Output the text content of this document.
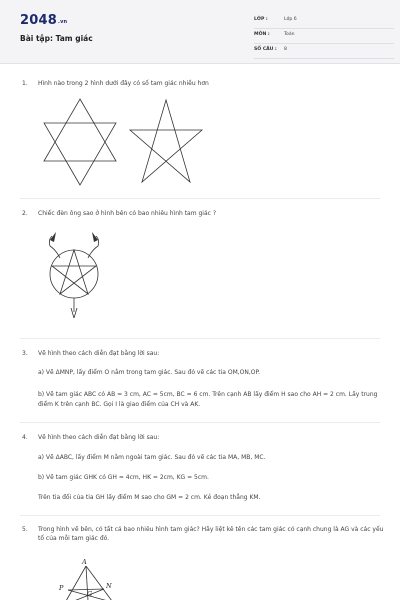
2048.vn
Bài tập: Tam giác
LỚP :	Lớp 6
MÔN :	Toán
SỐ CÂU : 8
1.	Hình nào trong 2 hình dưới đây có số tam giác nhiều hơn
2.	Chiếc đèn ông sao ở hình bên có bao nhiêu hình tam giác ?
3.	Vẽ hình theo cách diễn đạt bằng lời sau:
a) Vẽ ΔMNP, lấy điểm O nằm trong tam giác. Sau đó vẽ các tia OM,ON,OP.
b) Vẽ tam giác ABC có AB = 3 cm, AC = 5cm, BC = 6 cm. Trên cạnh AB lấy điểm H sao cho AH = 2 cm. Lấy trung điểm K trên cạnh BC. Gọi I là giao điểm của CH và AK.
4.	Vẽ hình theo cách diễn đạt bằng lời sau:
a) Vẽ ΔABC, lấy điểm M nằm ngoài tam giác. Sau đó vẽ các tia MA, MB, MC.
b) Vẽ tam giác GHK có GH = 4cm, HK = 2cm, KG = 5cm.
Trên tia đối của tia GH lấy điểm M sao cho GM = 2 cm. Kẻ đoạn thẳng KM.
5.	Trong hình vẽ bên, có tất cả bao nhiêu hình tam giác? Hãy liệt kê tên các tam giác có cạnh chung là AG và các yếu tố của mỗi tam giác đó.
A
P	N
G
